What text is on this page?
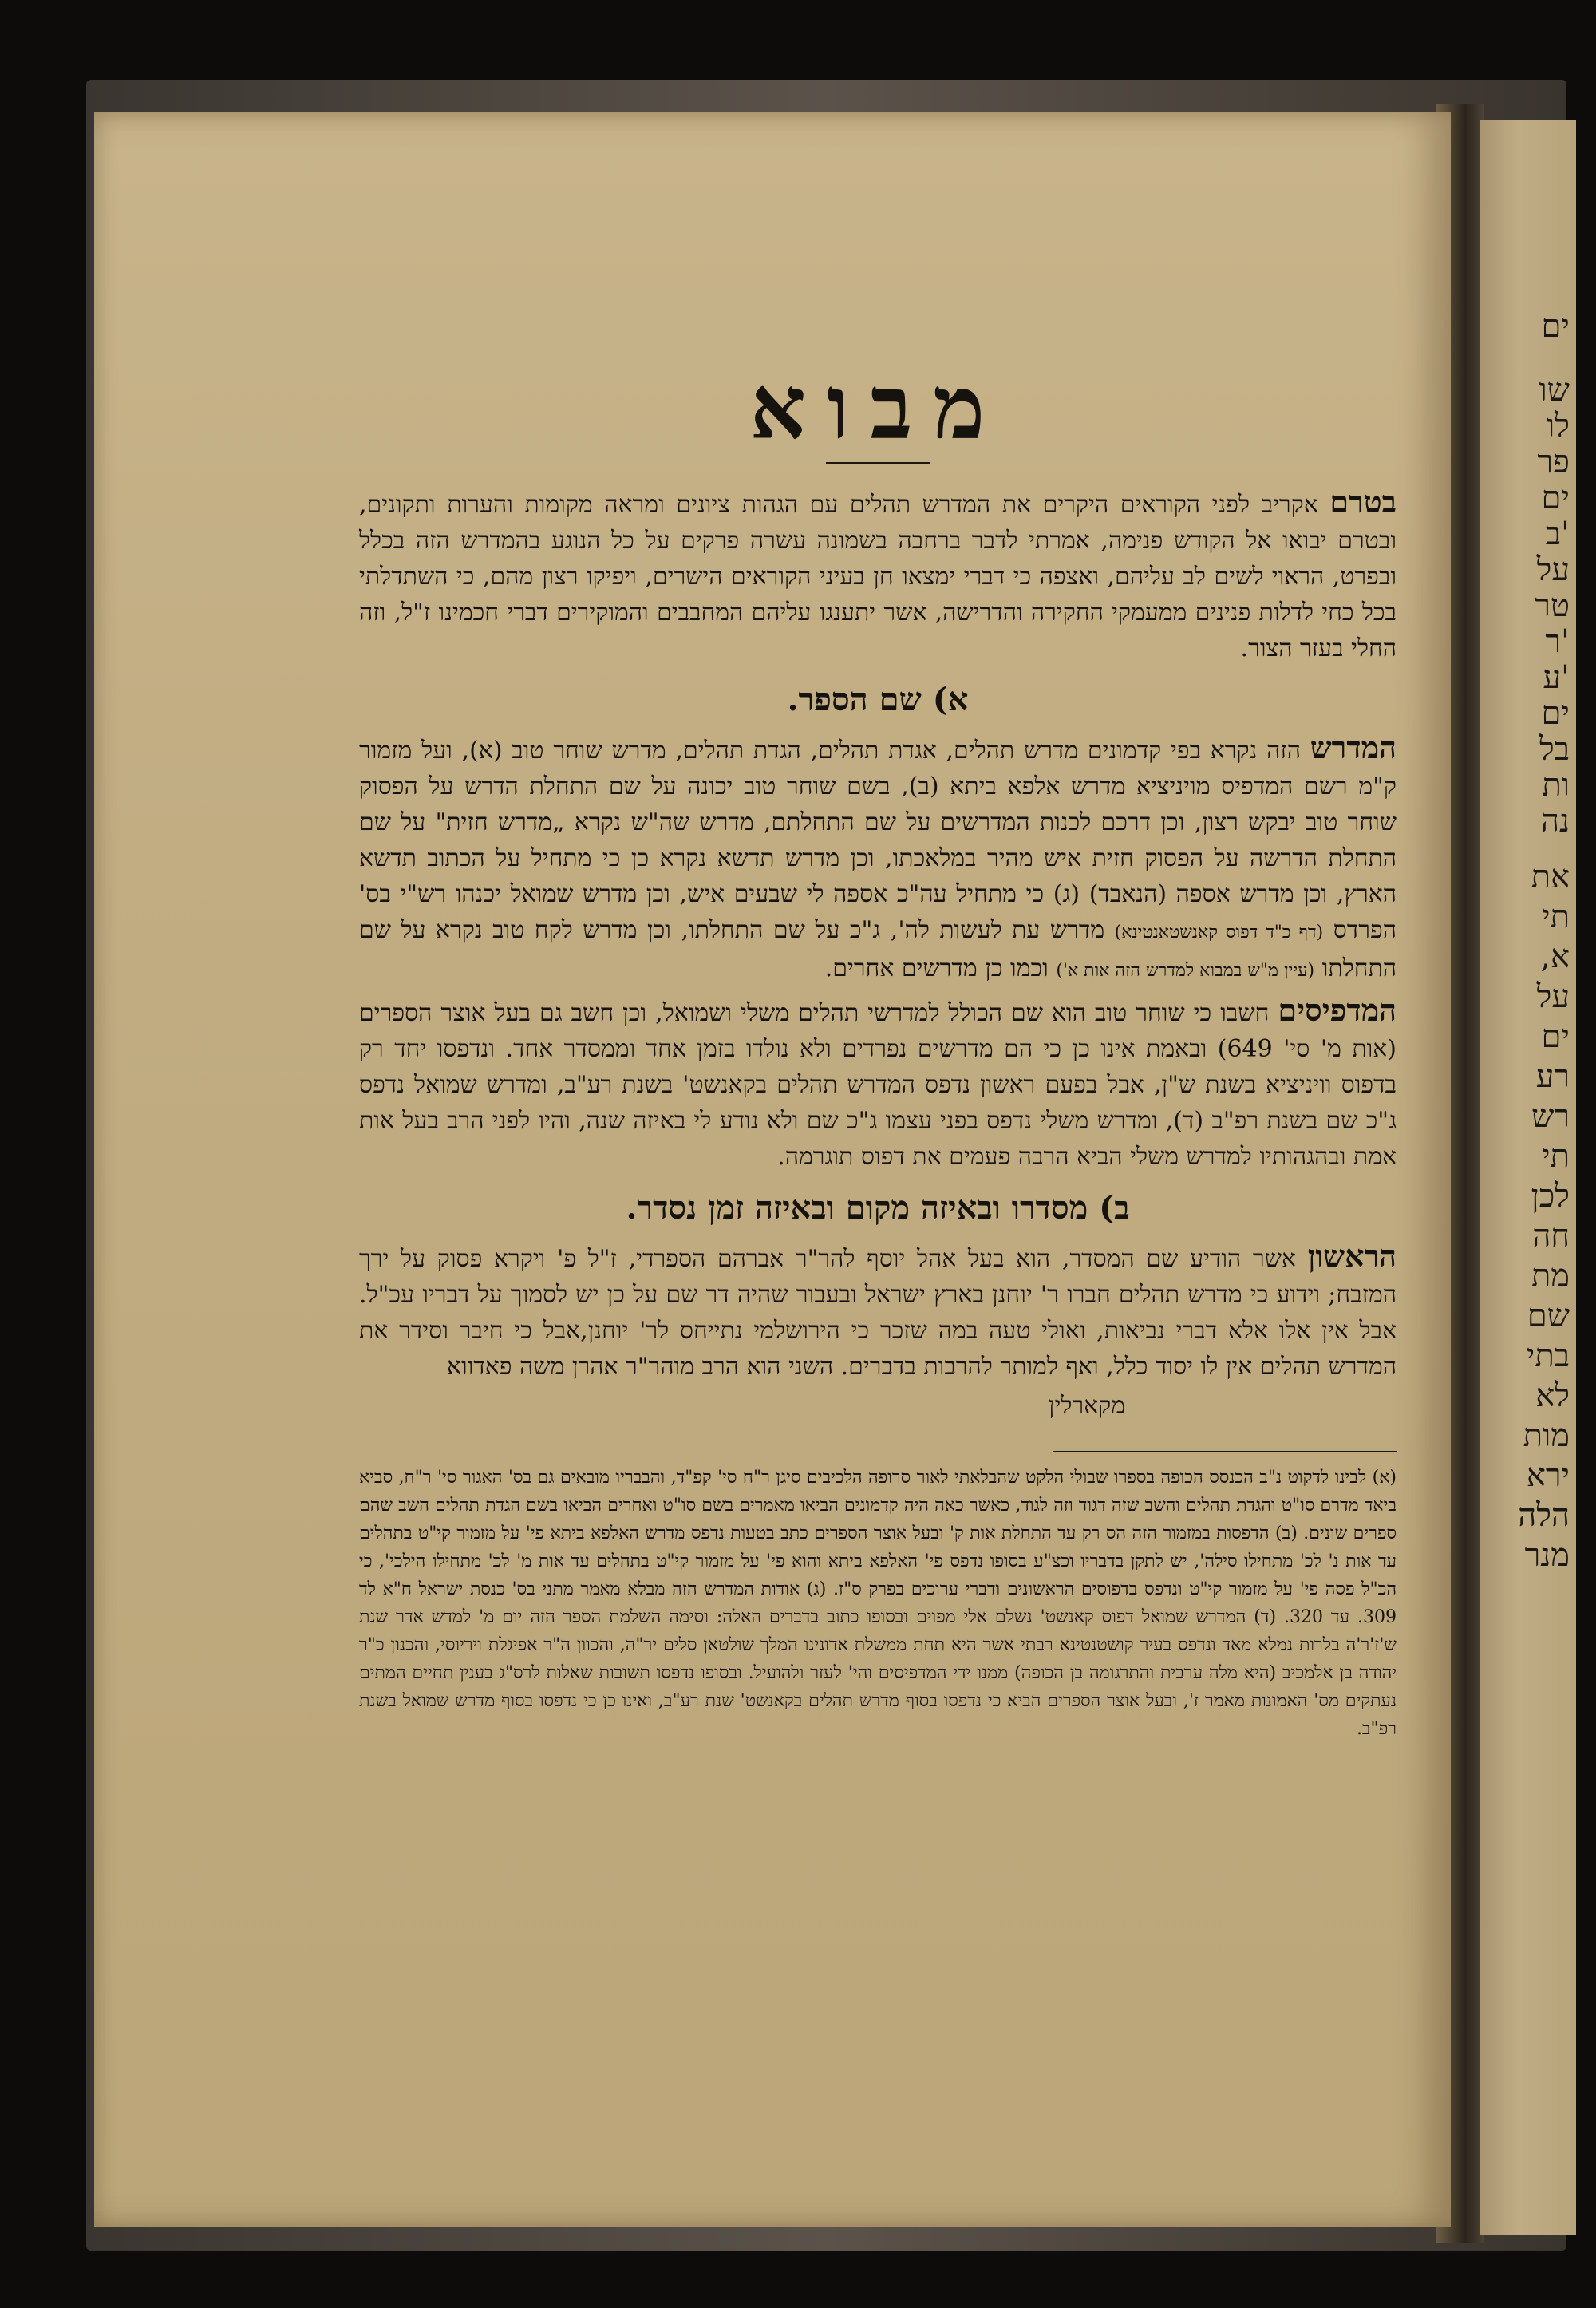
ים
שו
לו
פר
ים
'ב
על
טר
'ר
'ע
ים
בל
ות
נה
את
תי
א,
על
ים
רע
רש
תי
לכן
חה
מת
שם
בתי
לא
מות
ירא
הלה
מנר
מבוא

בטרם אקריב לפני הקוראים היקרים את המדרש תהלים עם הגהות ציונים ומראה מקומות והערות ותקונים, ובטרם יבואו אל הקודש פנימה, אמרתי לדבר ברחבה בשמונה עשרה פרקים על כל הנוגע בהמדרש הזה בכלל ובפרט, הראוי לשים לב עליהם, ואצפה כי דברי ימצאו חן בעיני הקוראים הישרים, ויפיקו רצון מהם, כי השתדלתי בכל כחי לדלות פנינים ממעמקי החקירה והדרישה, אשר יתענגו עליהם המחבבים והמוקירים דברי חכמינו ז"ל, וזה החלי בעזר הצור.

א) שם הספר.

המדרש הזה נקרא בפי קדמונים מדרש תהלים, אגדת תהלים, הגדת תהלים, מדרש שוחר טוב (א), ועל מזמור ק"מ רשם המדפיס מויניציא מדרש אלפא ביתא (ב), בשם שוחר טוב יכונה על שם התחלת הדרש על הפסוק שוחר טוב יבקש רצון, וכן דרכם לכנות המדרשים על שם התחלתם, מדרש שה"ש נקרא „מדרש חזית" על שם התחלת הדרשה על הפסוק חזית איש מהיר במלאכתו, וכן מדרש תדשא נקרא כן כי מתחיל על הכתוב תדשא הארץ, וכן מדרש אספה (הנאבד) (ג) כי מתחיל עה"כ אספה לי שבעים איש, וכן מדרש שמואל יכנהו רש"י בס' הפרדס (דף כ"ד דפוס קאנשטאנטינא) מדרש עת לעשות לה', ג"כ על שם התחלתו, וכן מדרש לקח טוב נקרא על שם התחלתו (עיין מ"ש במבוא למדרש הזה אות א') וכמו כן מדרשים אחרים.

המדפיסים חשבו כי שוחר טוב הוא שם הכולל למדרשי תהלים משלי ושמואל, וכן חשב גם בעל אוצר הספרים (אות מ' סי' 649) ובאמת אינו כן כי הם מדרשים נפרדים ולא נולדו בזמן אחד וממסדר אחד. ונדפסו יחד רק בדפוס וויניציא בשנת ש"ן, אבל בפעם ראשון נדפס המדרש תהלים בקאנשט' בשנת רע"ב, ומדרש שמואל נדפס ג"כ שם בשנת רפ"ב (ד), ומדרש משלי נדפס בפני עצמו ג"כ שם ולא נודע לי באיזה שנה, והיו לפני הרב בעל אות אמת ובהגהותיו למדרש משלי הביא הרבה פעמים את דפוס תוגרמה.

ב) מסדרו ובאיזה מקום ובאיזה זמן נסדר.

הראשון אשר הודיע שם המסדר, הוא בעל אהל יוסף להר"ר אברהם הספרדי, ז"ל פ' ויקרא פסוק על ירך המזבח; וידוע כי מדרש תהלים חברו ר' יוחנן בארץ ישראל ובעבור שהיה דר שם על כן יש לסמוך על דבריו עכ"ל. אבל אין אלו אלא דברי נביאות, ואולי טעה במה שזכר כי הירושלמי נתייחס לר' יוחנן,אבל כי חיבר וסידר את המדרש תהלים אין לו יסוד כלל, ואף למותר להרבות בדברים. השני הוא הרב מוהר"ר אהרן משה פאדווא

מקארלין
(א) לבינו לדקוט נ"ב הכנסס הכופה בספרו שבולי הלקט שהבלאתי לאור סרופה הלכיבים סיגן ר"ח סי' קפ"ד, והבבריו מובאים גם בס' האגור סי' ר"ח, סביא ביאד מדרם סו"ט והגדת תהלים והשב שזה דגוד וזה לגוד, כאשר כאה היה קדמונים הביאו מאמרים בשם סו"ט ואחרים הביאו בשם הגדת תהלים השב שהם ספרים שונים. (ב) הדפסות במזמור הזה הס רק עד התחלת אות ק' ובעל אוצר הספרים כתב בטעות נדפס מדרש האלפא ביתא פי' על מזמור קי"ט בתהלים עד אות נ' לכ' מתחילו סילה', יש לתקן בדבריו וכצ"ע בסופו נדפס פי' האלפא ביתא והוא פי' על מזמור קי"ט בתהלים עד אות מ' לכ' מתחילו הילכי', כי הכ"ל פסה פי' על מזמור קי"ט ונדפס בדפוסים הראשונים ודברי ערוכים בפרק ס"ז. (ג) אודות המדרש הזה מבלא מאמר מתני בס' כנסת ישראל ח"א לד 309. עד 320. (ד) המדרש שמואל דפוס קאנשט' נשלם אלי מפוים ובסופו כתוב בדברים האלה: וסימה השלמת הספר הזה יום מ' למדש אדר שנת ש'ז'ר'ה בלרות נמלא מאד ונדפס בעיר קושטנטינא רבתי אשר היא תחת ממשלת אדונינו המלך שולטאן סלים יר"ה, והכוון ה"ר אפיגלת ויריוסי, והכנון כ"ר יהודה בן אלמכיב (היא מלה ערבית והתרגומה בן הכופה) ממנו ידי המדפיסים והי' לעזר ולהועיל. ובסופו נדפסו תשובות שאלות לרס"ג בענין תחיים המתים נעתקים מס' האמונות מאמר ז', ובעל אוצר הספרים הביא כי נדפסו בסוף מדרש תהלים בקאנשט' שנת רע"ב, ואינו כן כי נדפסו בסוף מדרש שמואל בשנת רפ"ב.
